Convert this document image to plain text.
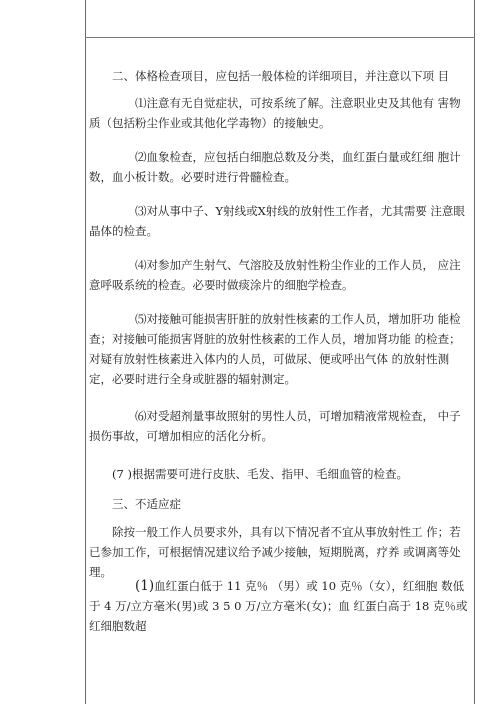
二、体格检查项目，应包括一般体检的详细项目，并注意以下项 目

⑴注意有无自觉症状，可按系统了解。注意职业史及其他有 害物质（包括粉尘作业或其他化学毒物）的接触史。

⑵血象检查，应包括白细胞总数及分类，血红蛋白量或红细 胞计数，血小板计数。必要时进行骨髓检查。

⑶对从事中子、Y射线或X射线的放射性工作者，尤其需要 注意眼晶体的检查。

⑷对参加产生射气、气溶胶及放射性粉尘作业的工作人员， 应注意呼吸系统的检查。必要时做痰涂片的细胞学检查。

⑸对接触可能损害肝脏的放射性核素的工作人员，增加肝功 能检查；对接触可能损害肾脏的放射性核素的工作人员，增加肾功能 的检查；对疑有放射性核素进入体内的人员，可做尿、便或呼出气体 的放射性测定，必要时进行全身或脏器的辐射测定。

⑹对受超剂量事故照射的男性人员，可增加精液常规检查， 中子损伤事故，可增加相应的活化分析。

(7 )根据需要可进行皮肤、毛发、指甲、毛细血管的检查。

三、不适应症

除按一般工作人员要求外，具有以下情况者不宜从事放射性工 作；若已参加工作，可根据情况建议给予减少接触，短期脱离，疗养 或调离等处理。

(1)血红蛋白低于 11 克％ （男）或 10 克％（女），红细胞 数低于 4 万/立方毫米(男)或 3 5 0 万/立方毫米(女)；血 红蛋白高于 18 克％或红细胞数超
